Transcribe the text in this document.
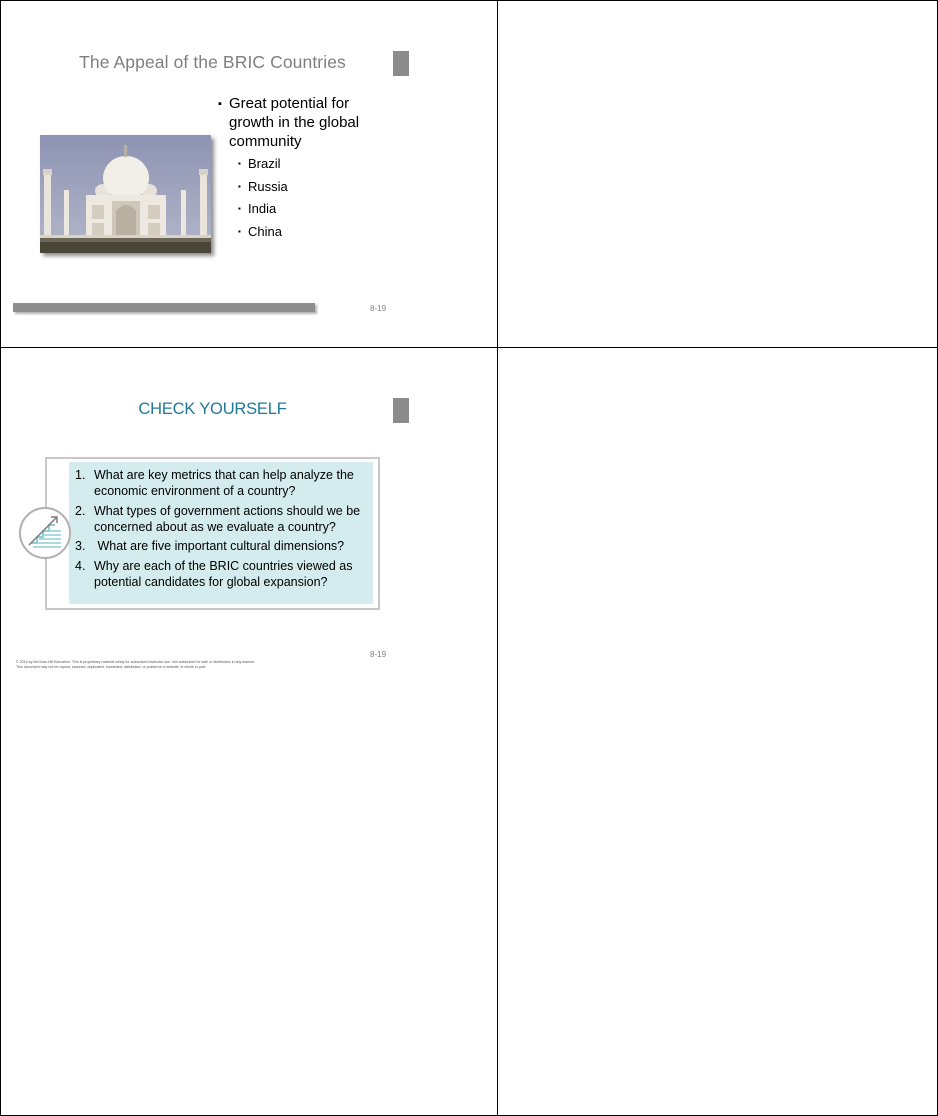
The Appeal of the BRIC Countries
▪ Great potential for growth in the global community
▪ Brazil
▪ Russia
▪ India
▪ China
8-19
CHECK YOURSELF
1. What are key metrics that can help analyze the economic environment of a country?
2. What types of government actions should we be concerned about as we evaluate a country?
3. What are five important cultural dimensions?
4. Why are each of the BRIC countries viewed as potential candidates for global expansion?
8-19
© 2014 by McGraw-Hill Education. This is proprietary material solely for authorized instructor use. Not authorized for sale or distribution in any manner.
This document may not be copied, scanned, duplicated, forwarded, distributed, or posted on a website, in whole or part.
